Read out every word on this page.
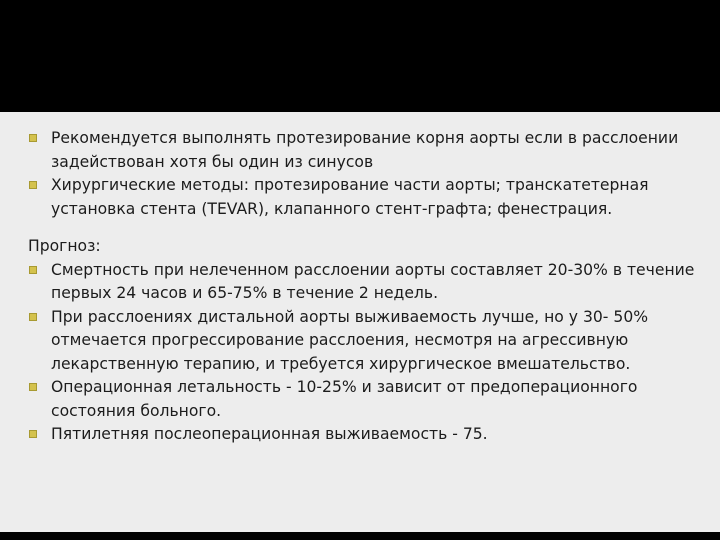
Рекомендуется выполнять протезирование корня аорты если в расслоении задействован хотя бы один из синусов
Хирургические методы: протезирование части аорты; транскатетерная установка стента (TEVAR), клапанного стент-графта; фенестрация.
Прогноз:
Смертность при нелеченном расслоении аорты составляет 20-30% в течение первых 24 часов и 65-75% в течение 2 недель.
При расслоениях дистальной аорты выживаемость лучше, но у 30- 50% отмечается прогрессирование расслоения, несмотря на агрессивную лекарственную терапию, и требуется хирургическое вмешательство.
Операционная летальность - 10-25% и зависит от предоперационного состояния больного.
Пятилетняя послеоперационная выживаемость - 75.
